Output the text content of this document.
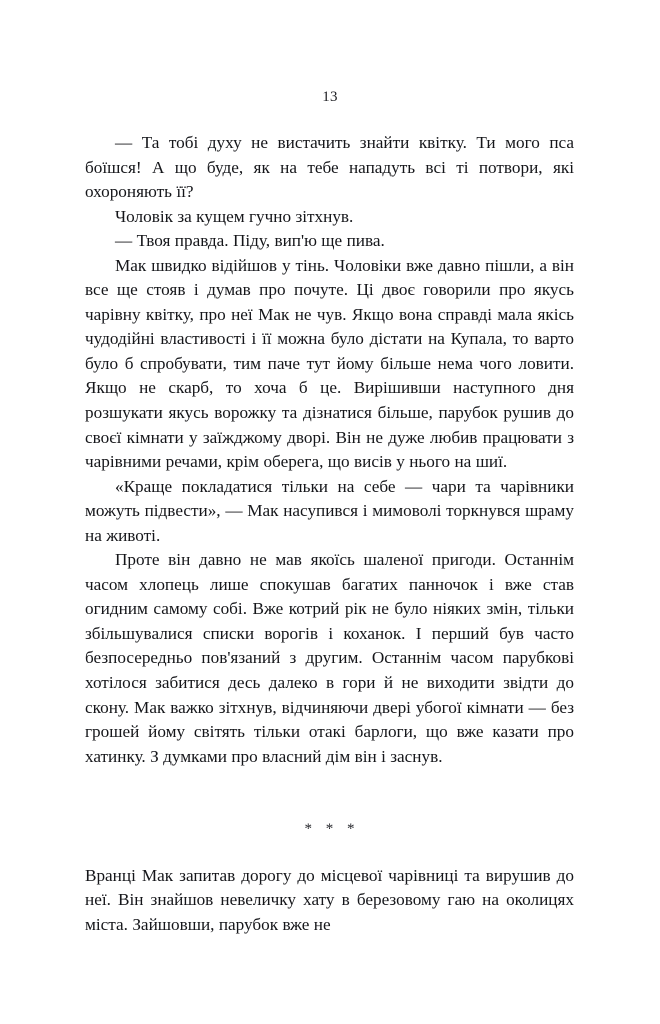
13

— Та тобі духу не вистачить знайти квітку. Ти мого пса боїшся! А що буде, як на тебе нападуть всі ті потвори, які охороняють її?

Чоловік за кущем гучно зітхнув.

— Твоя правда. Піду, вип'ю ще пива.

Мак швидко відійшов у тінь. Чоловіки вже давно пішли, а він все ще стояв і думав про почуте. Ці двоє говорили про якусь чарівну квітку, про неї Мак не чув. Якщо вона справді мала якісь чудодійні властивості і її можна було дістати на Купала, то варто було б спробувати, тим паче тут йому більше нема чого ловити. Якщо не скарб, то хоча б це. Вирішивши наступного дня розшукати якусь ворожку та дізнатися більше, парубок рушив до своєї кімнати у заїжджому дворі. Він не дуже любив працювати з чарівними речами, крім оберега, що висів у нього на шиї.

«Краще покладатися тільки на себе — чари та чарівники можуть підвести», — Мак насупився і мимоволі торкнувся шраму на животі.

Проте він давно не мав якоїсь шаленої пригоди. Останнім часом хлопець лише спокушав багатих панночок і вже став огидним самому собі. Вже котрий рік не було ніяких змін, тільки збільшувалися списки ворогів і коханок. І перший був часто безпосередньо пов'язаний з другим. Останнім часом парубкові хотілося забитися десь далеко в гори й не виходити звідти до скону. Мак важко зітхнув, відчиняючи двері убогої кімнати — без грошей йому світять тільки отакі барлоги, що вже казати про хатинку. З думками про власний дім він і заснув.

* * *

Вранці Мак запитав дорогу до місцевої чарівниці та вирушив до неї. Він знайшов невеличку хату в березовому гаю на околицях міста. Зайшовши, парубок вже не
